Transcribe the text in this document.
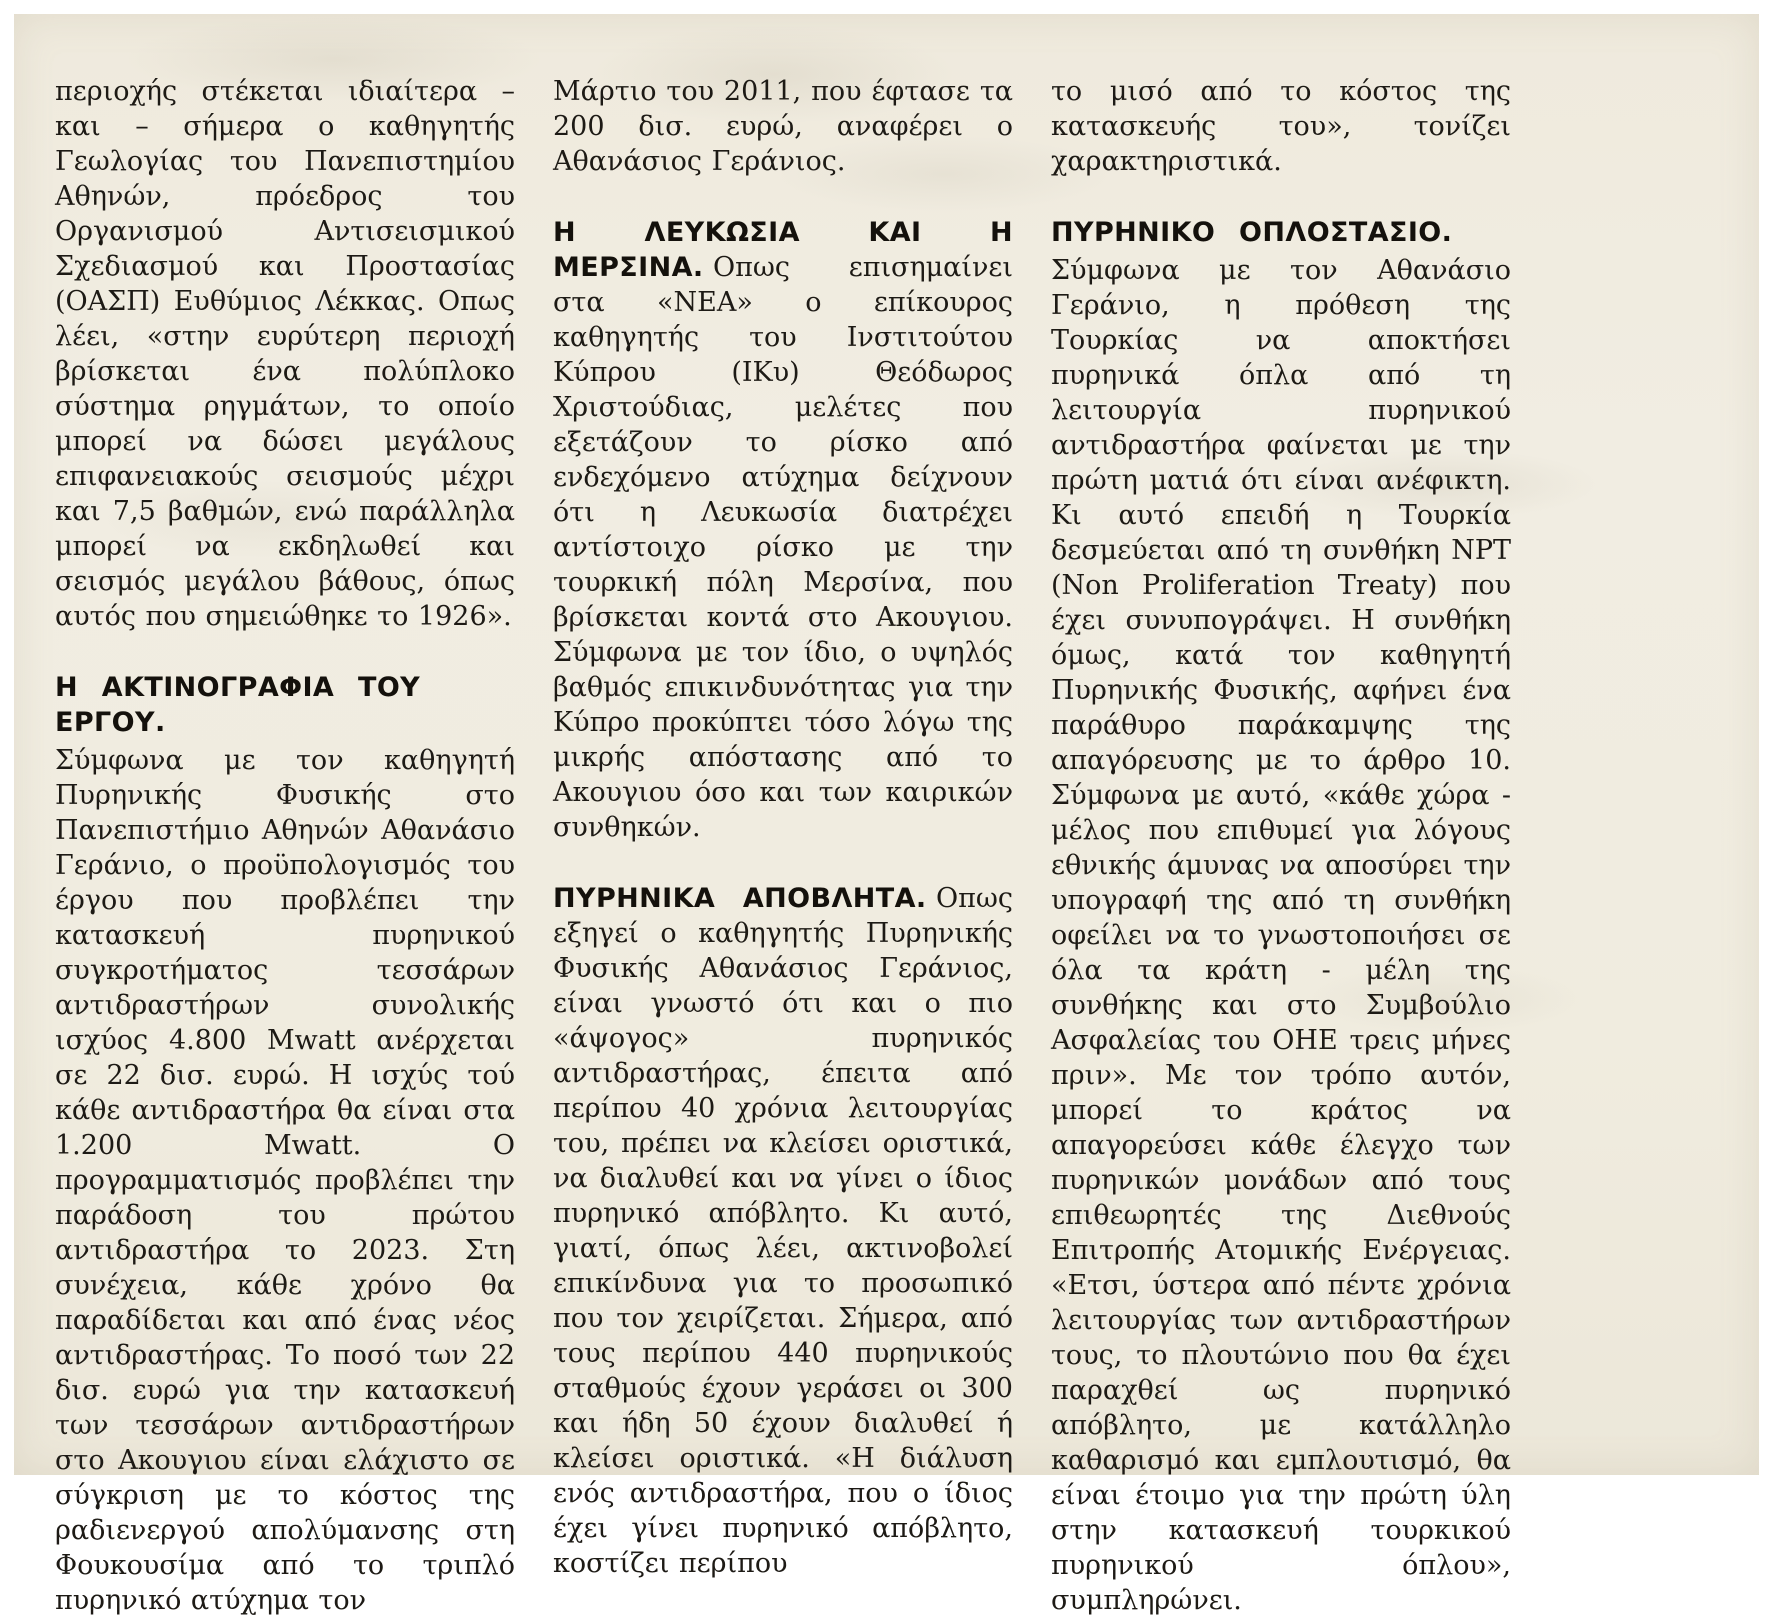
περιοχής στέκεται ιδιαίτερα – και – σήμερα ο καθηγητής Γεωλογίας του Πανεπιστημίου Αθηνών, πρόεδρος του Οργανισμού Αντισεισμικού Σχεδιασμού και Προστασίας (ΟΑΣΠ) Ευθύμιος Λέκκας. Οπως λέει, «στην ευρύτερη περιοχή βρίσκεται ένα πολύπλοκο σύστημα ρηγμάτων, το οποίο μπορεί να δώσει μεγάλους επιφανειακούς σεισμούς μέχρι και 7,5 βαθμών, ενώ παράλληλα μπορεί να εκδηλωθεί και σεισμός μεγάλου βάθους, όπως αυτός που σημειώθηκε το 1926».

Η ΑΚΤΙΝΟΓΡΑΦΙΑ ΤΟΥ ΕΡΓΟΥ.
Σύμφωνα με τον καθηγητή Πυρηνικής Φυσικής στο Πανεπιστήμιο Αθηνών Αθανάσιο Γεράνιο, ο προϋπολογισμός του έργου που προβλέπει την κατασκευή πυρηνικού συγκροτήματος τεσσάρων αντιδραστήρων συνολικής ισχύος 4.800 Mwatt ανέρχεται σε 22 δισ. ευρώ. Η ισχύς τού κάθε αντιδραστήρα θα είναι στα 1.200 Mwatt. Ο προγραμματισμός προβλέπει την παράδοση του πρώτου αντιδραστήρα το 2023. Στη συνέχεια, κάθε χρόνο θα παραδίδεται και από ένας νέος αντιδραστήρας. Το ποσό των 22 δισ. ευρώ για την κατασκευή των τεσσάρων αντιδραστήρων στο Ακουγιου είναι ελάχιστο σε σύγκριση με το κόστος της ραδιενεργού απολύμανσης στη Φουκουσίμα από το τριπλό πυρηνικό ατύχημα τον

Μάρτιο του 2011, που έφτασε τα 200 δισ. ευρώ, αναφέρει ο Αθανάσιος Γεράνιος.

Η ΛΕΥΚΩΣΙΑ ΚΑΙ Η ΜΕΡΣΙΝΑ. Οπως επισημαίνει στα «ΝΕΑ» ο επίκουρος καθηγητής του Ινστιτούτου Κύπρου (ΙΚυ) Θεόδωρος Χριστούδιας, μελέτες που εξετάζουν το ρίσκο από ενδεχόμενο ατύχημα δείχνουν ότι η Λευκωσία διατρέχει αντίστοιχο ρίσκο με την τουρκική πόλη Μερσίνα, που βρίσκεται κοντά στο Ακουγιου. Σύμφωνα με τον ίδιο, ο υψηλός βαθμός επικινδυνότητας για την Κύπρο προκύπτει τόσο λόγω της μικρής απόστασης από το Ακουγιου όσο και των καιρικών συνθηκών.

ΠΥΡΗΝΙΚΑ ΑΠΟΒΛΗΤΑ. Οπως εξηγεί ο καθηγητής Πυρηνικής Φυσικής Αθανάσιος Γεράνιος, είναι γνωστό ότι και ο πιο «άψογος» πυρηνικός αντιδραστήρας, έπειτα από περίπου 40 χρόνια λειτουργίας του, πρέπει να κλείσει οριστικά, να διαλυθεί και να γίνει ο ίδιος πυρηνικό απόβλητο. Κι αυτό, γιατί, όπως λέει, ακτινοβολεί επικίνδυνα για το προσωπικό που τον χειρίζεται. Σήμερα, από τους περίπου 440 πυρηνικούς σταθμούς έχουν γεράσει οι 300 και ήδη 50 έχουν διαλυθεί ή κλείσει οριστικά. «Η διάλυση ενός αντιδραστήρα, που ο ίδιος έχει γίνει πυρηνικό απόβλητο, κοστίζει περίπου

το μισό από το κόστος της κατασκευής του», τονίζει χαρακτηριστικά.

ΠΥΡΗΝΙΚΟ ΟΠΛΟΣΤΑΣΙΟ.
Σύμφωνα με τον Αθανάσιο Γεράνιο, η πρόθεση της Τουρκίας να αποκτήσει πυρηνικά όπλα από τη λειτουργία πυρηνικού αντιδραστήρα φαίνεται με την πρώτη ματιά ότι είναι ανέφικτη. Κι αυτό επειδή η Τουρκία δεσμεύεται από τη συνθήκη NPT (Non Proliferation Treaty) που έχει συνυπογράψει. Η συνθήκη όμως, κατά τον καθηγητή Πυρηνικής Φυσικής, αφήνει ένα παράθυρο παράκαμψης της απαγόρευσης με το άρθρο 10. Σύμφωνα με αυτό, «κάθε χώρα - μέλος που επιθυμεί για λόγους εθνικής άμυνας να αποσύρει την υπογραφή της από τη συνθήκη οφείλει να το γνωστοποιήσει σε όλα τα κράτη - μέλη της συνθήκης και στο Συμβούλιο Ασφαλείας του ΟΗΕ τρεις μήνες πριν». Με τον τρόπο αυτόν, μπορεί το κράτος να απαγορεύσει κάθε έλεγχο των πυρηνικών μονάδων από τους επιθεωρητές της Διεθνούς Επιτροπής Ατομικής Ενέργειας. «Ετσι, ύστερα από πέντε χρόνια λειτουργίας των αντιδραστήρων τους, το πλουτώνιο που θα έχει παραχθεί ως πυρηνικό απόβλητο, με κατάλληλο καθαρισμό και εμπλουτισμό, θα είναι έτοιμο για την πρώτη ύλη στην κατασκευή τουρκικού πυρηνικού όπλου», συμπληρώνει.
